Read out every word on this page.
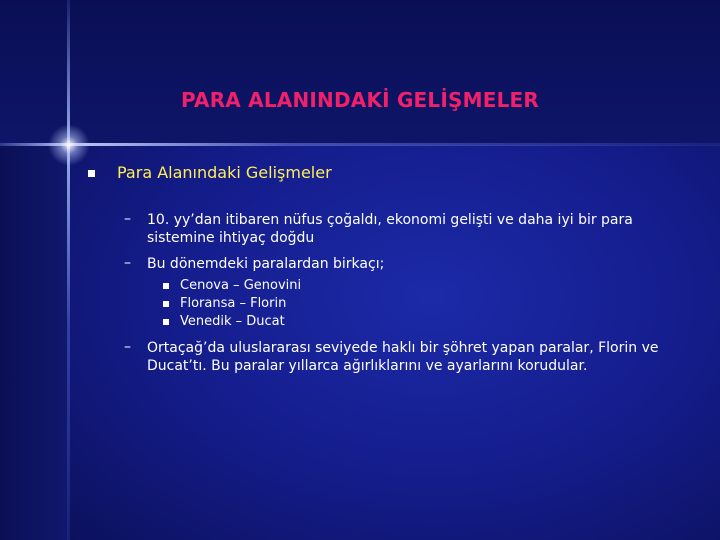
PARA ALANINDAKİ GELİŞMELER
Para Alanındaki Gelişmeler
– 10. yy’dan itibaren nüfus çoğaldı, ekonomi gelişti ve daha iyi bir para sistemine ihtiyaç doğdu
– Bu dönemdeki paralardan birkaçı;
Cenova – Genovini
Floransa – Florin
Venedik – Ducat
– Ortaçağ’da uluslararası seviyede haklı bir şöhret yapan paralar, Florin ve Ducat’tı. Bu paralar yıllarca ağırlıklarını ve ayarlarını korudular.
